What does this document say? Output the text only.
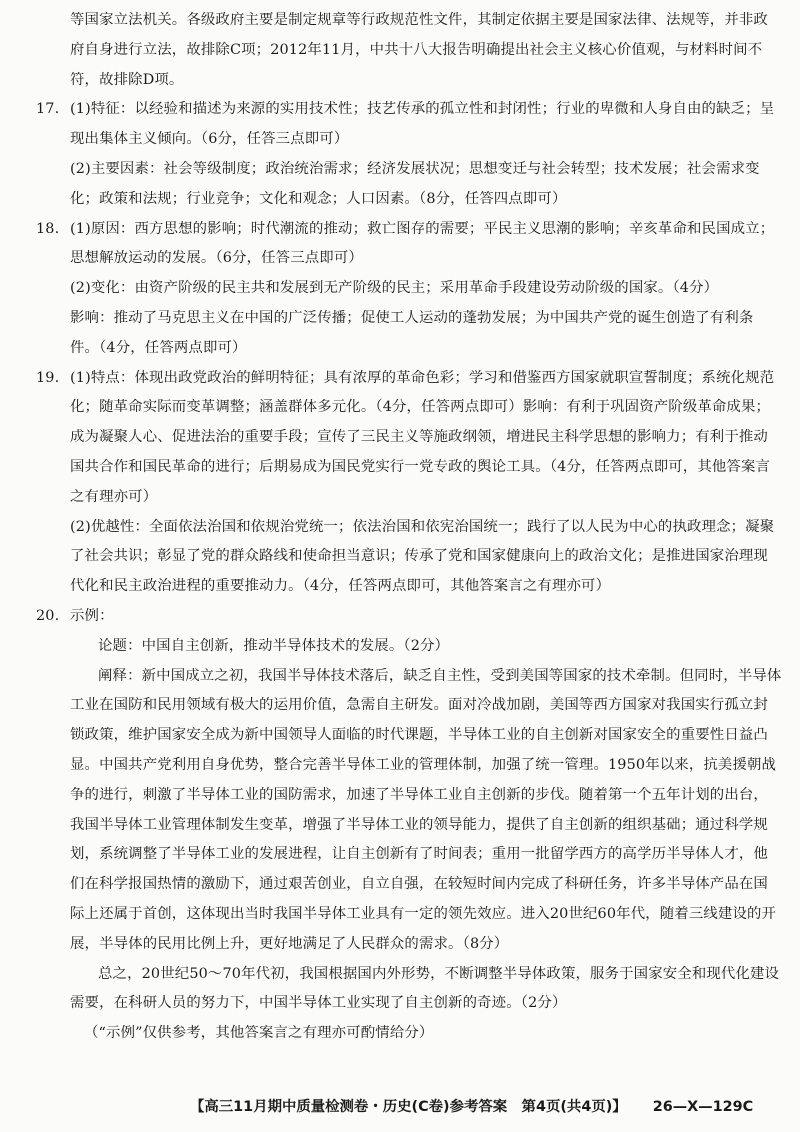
等国家立法机关。各级政府主要是制定规章等行政规范性文件，其制定依据主要是国家法律、法规等，并非政府自身进行立法，故排除C项；2012年11月，中共十八大报告明确提出社会主义核心价值观，与材料时间不符，故排除D项。

17. (1)特征：以经验和描述为来源的实用技术性；技艺传承的孤立性和封闭性；行业的卑微和人身自由的缺乏；呈现出集体主义倾向。（6分，任答三点即可）

(2)主要因素：社会等级制度；政治统治需求；经济发展状况；思想变迁与社会转型；技术发展；社会需求变化；政策和法规；行业竞争；文化和观念；人口因素。（8分，任答四点即可）

18. (1)原因：西方思想的影响；时代潮流的推动；救亡图存的需要；平民主义思潮的影响；辛亥革命和民国成立；思想解放运动的发展。（6分，任答三点即可）

(2)变化：由资产阶级的民主共和发展到无产阶级的民主；采用革命手段建设劳动阶级的国家。（4分）

影响：推动了马克思主义在中国的广泛传播；促使工人运动的蓬勃发展；为中国共产党的诞生创造了有利条件。（4分，任答两点即可）

19. (1)特点：体现出政党政治的鲜明特征；具有浓厚的革命色彩；学习和借鉴西方国家就职宣誓制度；系统化规范化；随革命实际而变革调整；涵盖群体多元化。（4分，任答两点即可）影响：有利于巩固资产阶级革命成果；成为凝聚人心、促进法治的重要手段；宣传了三民主义等施政纲领，增进民主科学思想的影响力；有利于推动国共合作和国民革命的进行；后期易成为国民党实行一党专政的舆论工具。（4分，任答两点即可，其他答案言之有理亦可）

(2)优越性：全面依法治国和依规治党统一；依法治国和依宪治国统一；践行了以人民为中心的执政理念；凝聚了社会共识；彰显了党的群众路线和使命担当意识；传承了党和国家健康向上的政治文化；是推进国家治理现代化和民主政治进程的重要推动力。（4分，任答两点即可，其他答案言之有理亦可）

20. 示例：

论题：中国自主创新，推动半导体技术的发展。（2分）

阐释：新中国成立之初，我国半导体技术落后，缺乏自主性，受到美国等国家的技术牵制。但同时，半导体工业在国防和民用领域有极大的运用价值，急需自主研发。面对冷战加剧，美国等西方国家对我国实行孤立封锁政策，维护国家安全成为新中国领导人面临的时代课题，半导体工业的自主创新对国家安全的重要性日益凸显。中国共产党利用自身优势，整合完善半导体工业的管理体制，加强了统一管理。1950年以来，抗美援朝战争的进行，刺激了半导体工业的国防需求，加速了半导体工业自主创新的步伐。随着第一个五年计划的出台，我国半导体工业管理体制发生变革，增强了半导体工业的领导能力，提供了自主创新的组织基础；通过科学规划，系统调整了半导体工业的发展进程，让自主创新有了时间表；重用一批留学西方的高学历半导体人才，他们在科学报国热情的激励下，通过艰苦创业，自立自强，在较短时间内完成了科研任务，许多半导体产品在国际上还属于首创，这体现出当时我国半导体工业具有一定的领先效应。进入20世纪60年代，随着三线建设的开展，半导体的民用比例上升，更好地满足了人民群众的需求。（8分）

总之，20世纪50～70年代初，我国根据国内外形势，不断调整半导体政策，服务于国家安全和现代化建设需要，在科研人员的努力下，中国半导体工业实现了自主创新的奇迹。（2分）

（“示例”仅供参考，其他答案言之有理亦可酌情给分）

【高三11月期中质量检测卷・历史(C卷)参考答案　第4页(共4页)】 26—X—129C
